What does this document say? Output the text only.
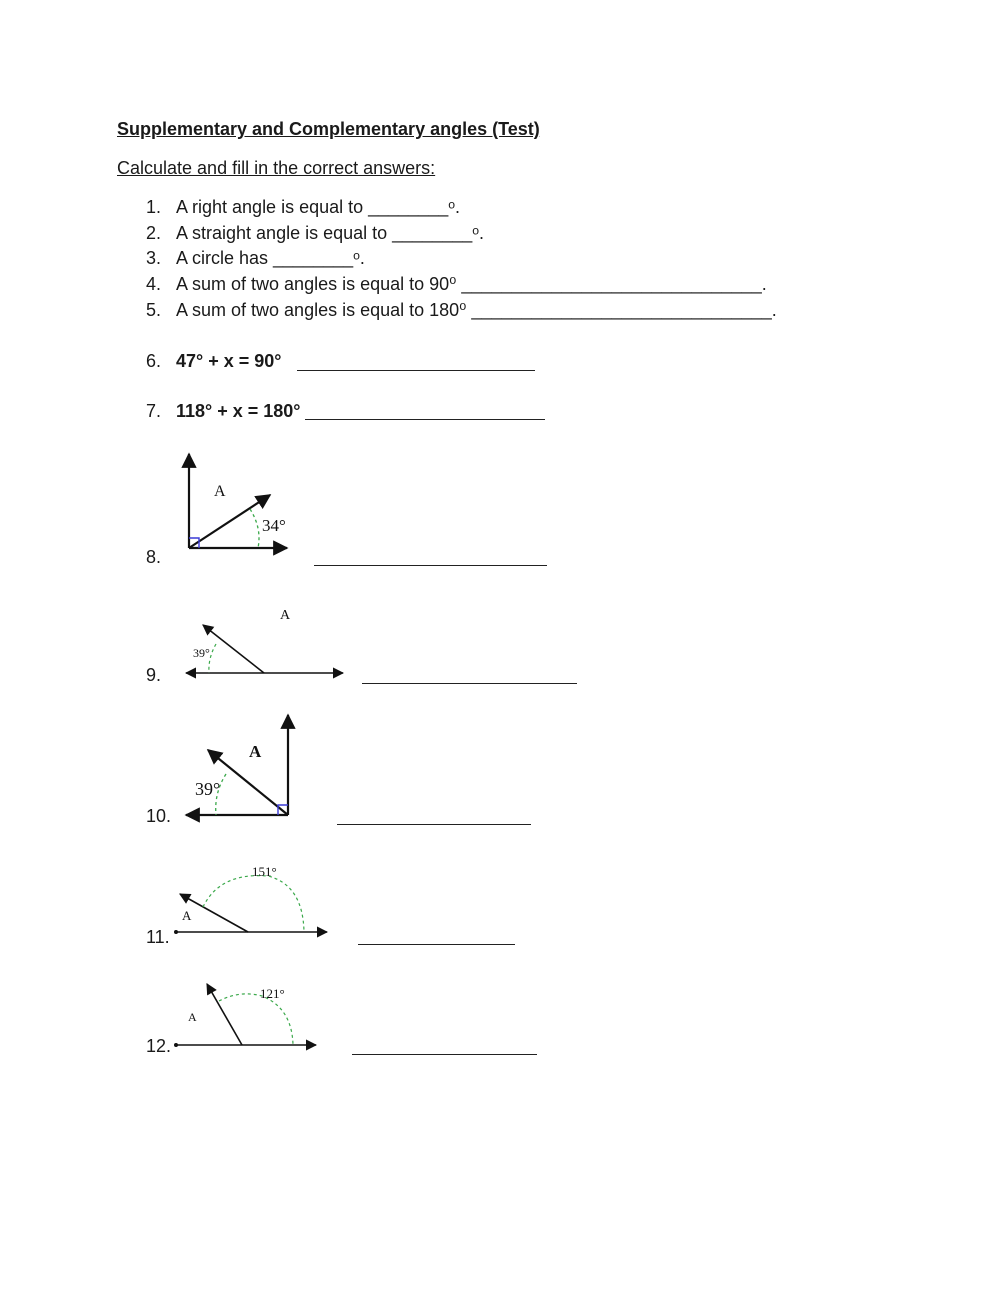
Supplementary and Complementary angles (Test)
Calculate and fill in the correct answers:
1. A right angle is equal to ________ᵒ.
2. A straight angle is equal to ________ᵒ.
3. A circle has ________ᵒ.
4. A sum of two angles is equal to 90⁰ ______________________________.
5. A sum of two angles is equal to 180⁰ ______________________________.
6. 47° + x = 90°
7. 118° + x = 180°
8.
A
34°
A
39°
A
39°
A
151°
A
121°
9.
10.
11.
12.
